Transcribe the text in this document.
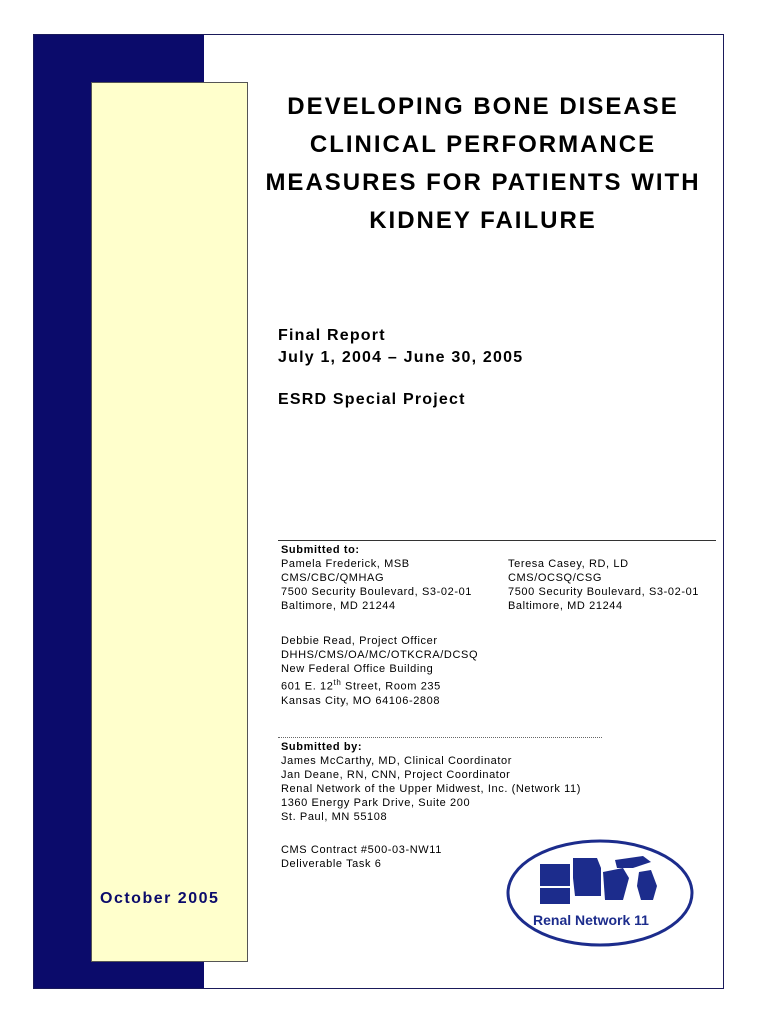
DEVELOPING BONE DISEASE
CLINICAL PERFORMANCE
MEASURES FOR PATIENTS WITH
KIDNEY FAILURE
Final Report
July 1, 2004 – June 30, 2005
ESRD Special Project
Submitted to:
Pamela Frederick, MSB
CMS/CBC/QMHAG
7500 Security Boulevard, S3-02-01
Baltimore, MD 21244
Teresa Casey, RD, LD
CMS/OCSQ/CSG
7500 Security Boulevard, S3-02-01
Baltimore, MD 21244
Debbie Read, Project Officer
DHHS/CMS/OA/MC/OTKCRA/DCSQ
New Federal Office Building
601 E. 12th Street, Room 235
Kansas City, MO 64106-2808
Submitted by:
James McCarthy, MD, Clinical Coordinator
Jan Deane, RN, CNN, Project Coordinator
Renal Network of the Upper Midwest, Inc. (Network 11)
1360 Energy Park Drive, Suite 200
St. Paul, MN 55108
CMS Contract #500-03-NW11
Deliverable Task 6
October 2005
Renal Network 11
